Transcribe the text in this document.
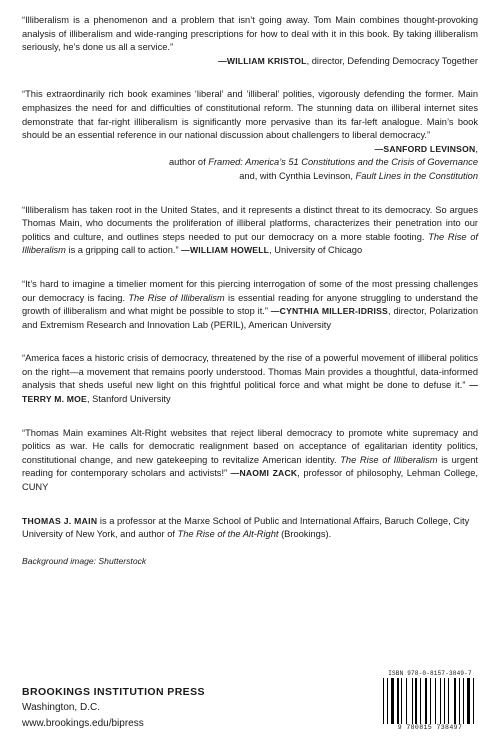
“Illiberalism is a phenomenon and a problem that isn’t going away. Tom Main combines thought-provoking analysis of illiberalism and wide-ranging prescriptions for how to deal with it in this book. By taking illiberalism seriously, he’s done us all a service.”
—WILLIAM KRISTOL, director, Defending Democracy Together
“This extraordinarily rich book examines ‘liberal’ and ‘illiberal’ polities, vigorously defending the former. Main emphasizes the need for and difficulties of constitutional reform. The stunning data on illiberal internet sites demonstrate that far-right illiberalism is significantly more pervasive than its far-left analogue. Main’s book should be an essential reference in our national discussion about challengers to liberal democracy.”
—SANFORD LEVINSON,
author of Framed: America’s 51 Constitutions and the Crisis of Governance
and, with Cynthia Levinson, Fault Lines in the Constitution
“Illiberalism has taken root in the United States, and it represents a distinct threat to its democracy. So argues Thomas Main, who documents the proliferation of illiberal platforms, characterizes their penetration into our politics and culture, and outlines steps needed to put our democracy on a more stable footing. The Rise of Illiberalism is a gripping call to action.” —WILLIAM HOWELL, University of Chicago
“It’s hard to imagine a timelier moment for this piercing interrogation of some of the most pressing challenges our democracy is facing. The Rise of Illiberalism is essential reading for anyone struggling to understand the growth of illiberalism and what might be possible to stop it.” —CYNTHIA MILLER-IDRISS, director, Polarization and Extremism Research and Innovation Lab (PERIL), American University
“America faces a historic crisis of democracy, threatened by the rise of a powerful movement of illiberal politics on the right—a movement that remains poorly understood. Thomas Main provides a thoughtful, data-informed analysis that sheds useful new light on this frightful political force and what might be done to defuse it.” —TERRY M. MOE, Stanford University
“Thomas Main examines Alt-Right websites that reject liberal democracy to promote white supremacy and politics as war. He calls for democratic realignment based on acceptance of egalitarian identity politics, constitutional change, and new gatekeeping to revitalize American identity. The Rise of Illiberalism is urgent reading for contemporary scholars and activists!” —NAOMI ZACK, professor of philosophy, Lehman College, CUNY
THOMAS J. MAIN is a professor at the Marxe School of Public and International Affairs, Baruch College, City University of New York, and author of The Rise of the Alt-Right (Brookings).
Background image: Shutterstock
BROOKINGS INSTITUTION PRESS
Washington, D.C.
www.brookings.edu/bipress
ISBN 978-0-8157-3849-7
9 780815 738497
